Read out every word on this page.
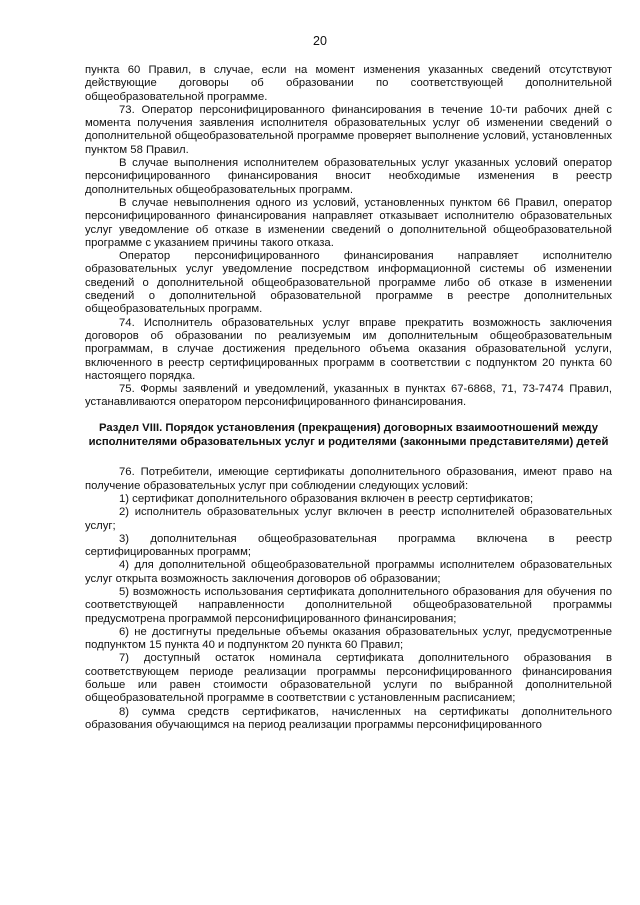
20

пункта 60 Правил, в случае, если на момент изменения указанных сведений отсутствуют действующие договоры об образовании по соответствующей дополнительной общеобразовательной программе.

73. Оператор персонифицированного финансирования в течение 10-ти рабочих дней с момента получения заявления исполнителя образовательных услуг об изменении сведений о дополнительной общеобразовательной программе проверяет выполнение условий, установленных пунктом 58 Правил.

В случае выполнения исполнителем образовательных услуг указанных условий оператор персонифицированного финансирования вносит необходимые изменения в реестр дополнительных общеобразовательных программ.

В случае невыполнения одного из условий, установленных пунктом 66 Правил, оператор персонифицированного финансирования направляет отказывает исполнителю образовательных услуг уведомление об отказе в изменении сведений о дополнительной общеобразовательной программе с указанием причины такого отказа.

Оператор персонифицированного финансирования направляет исполнителю образовательных услуг уведомление посредством информационной системы об изменении сведений о дополнительной общеобразовательной программе либо об отказе в изменении сведений о дополнительной образовательной программе в реестре дополнительных общеобразовательных программ.

74. Исполнитель образовательных услуг вправе прекратить возможность заключения договоров об образовании по реализуемым им дополнительным общеобразовательным программам, в случае достижения предельного объема оказания образовательной услуги, включенного в реестр сертифицированных программ в соответствии с подпунктом 20 пункта 60 настоящего порядка.

75. Формы заявлений и уведомлений, указанных в пунктах 67-6868, 71, 73-7474 Правил, устанавливаются оператором персонифицированного финансирования.

Раздел VIII. Порядок установления (прекращения) договорных взаимоотношений между исполнителями образовательных услуг и родителями (законными представителями) детей

76. Потребители, имеющие сертификаты дополнительного образования, имеют право на получение образовательных услуг при соблюдении следующих условий:

1) сертификат дополнительного образования включен в реестр сертификатов;

2) исполнитель образовательных услуг включен в реестр исполнителей образовательных услуг;

3) дополнительная общеобразовательная программа включена в реестр сертифицированных программ;

4) для дополнительной общеобразовательной программы исполнителем образовательных услуг открыта возможность заключения договоров об образовании;

5) возможность использования сертификата дополнительного образования для обучения по соответствующей направленности дополнительной общеобразовательной программы предусмотрена программой персонифицированного финансирования;

6) не достигнуты предельные объемы оказания образовательных услуг, предусмотренные подпунктом 15 пункта 40 и подпунктом 20 пункта 60 Правил;

7) доступный остаток номинала сертификата дополнительного образования в соответствующем периоде реализации программы персонифицированного финансирования больше или равен стоимости образовательной услуги по выбранной дополнительной общеобразовательной программе в соответствии с установленным расписанием;

8) сумма средств сертификатов, начисленных на сертификаты дополнительного образования обучающимся на период реализации программы персонифицированного
